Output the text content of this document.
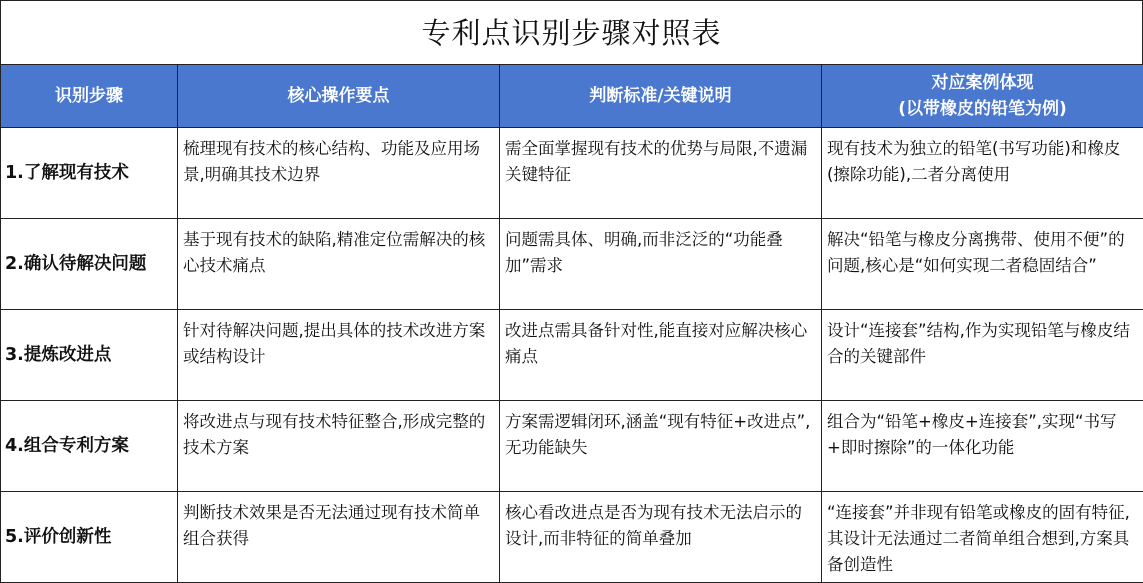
专利点识别步骤对照表
识别步骤	核心操作要点	判断标准/关键说明	对应案例体现
(以带橡皮的铅笔为例)

1.了解现有技术	梳理现有技术的核心结构、功能及应用场景,明确其技术边界	需全面掌握现有技术的优势与局限,不遗漏关键特征	现有技术为独立的铅笔(书写功能)和橡皮(擦除功能),二者分离使用
2.确认待解决问题	基于现有技术的缺陷,精准定位需解决的核心技术痛点	问题需具体、明确,而非泛泛的“功能叠加”需求	解决“铅笔与橡皮分离携带、使用不便”的问题,核心是“如何实现二者稳固结合”
3.提炼改进点	针对待解决问题,提出具体的技术改进方案或结构设计	改进点需具备针对性,能直接对应解决核心痛点	设计“连接套”结构,作为实现铅笔与橡皮结合的关键部件
4.组合专利方案	将改进点与现有技术特征整合,形成完整的技术方案	方案需逻辑闭环,涵盖“现有特征+改进点”,无功能缺失	组合为“铅笔+橡皮+连接套”,实现“书写+即时擦除”的一体化功能
5.评价创新性	判断技术效果是否无法通过现有技术简单组合获得	核心看改进点是否为现有技术无法启示的设计,而非特征的简单叠加	“连接套”并非现有铅笔或橡皮的固有特征,其设计无法通过二者简单组合想到,方案具备创造性
